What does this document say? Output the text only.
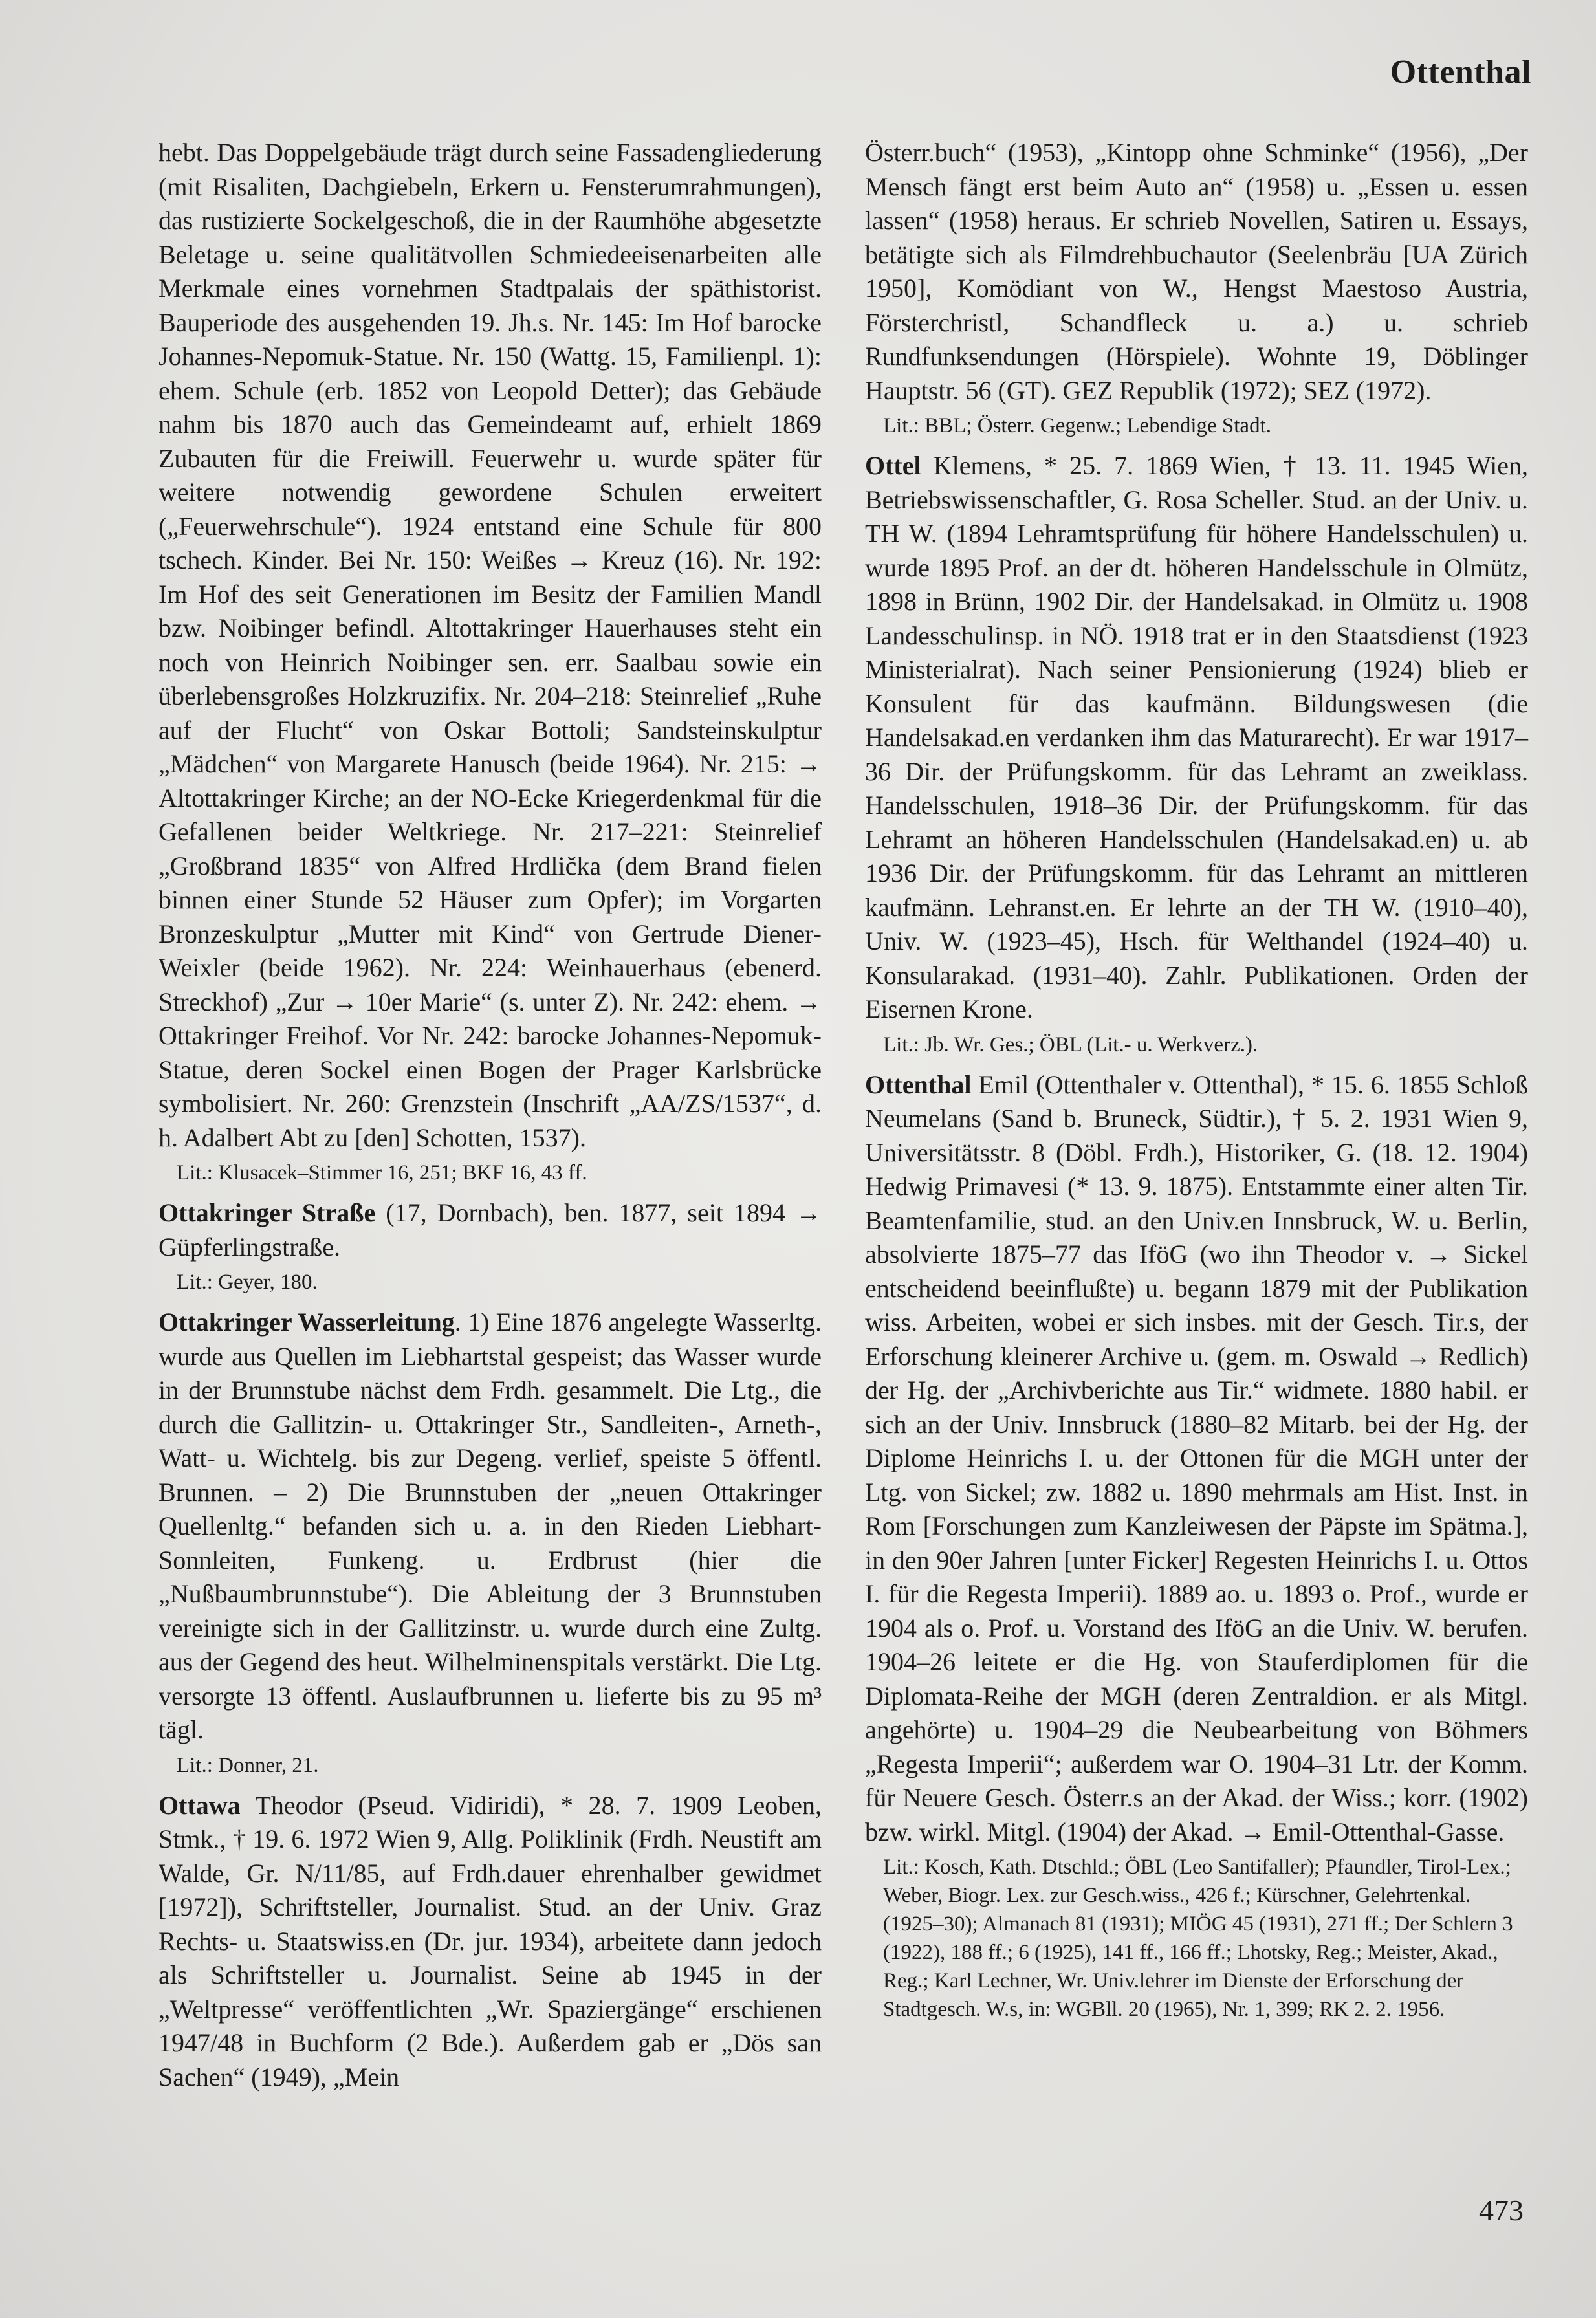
Ottenthal

hebt. Das Doppelgebäude trägt durch seine Fassadengliederung (mit Risaliten, Dachgiebeln, Erkern u. Fensterumrahmungen), das rustizierte Sockelgeschoß, die in der Raumhöhe abgesetzte Beletage u. seine qualitätvollen Schmiedeeisenarbeiten alle Merkmale eines vornehmen Stadtpalais der späthistorist. Bauperiode des ausgehenden 19. Jh.s. Nr. 145: Im Hof barocke Johannes-Nepomuk-Statue. Nr. 150 (Wattg. 15, Familienpl. 1): ehem. Schule (erb. 1852 von Leopold Detter); das Gebäude nahm bis 1870 auch das Gemeindeamt auf, erhielt 1869 Zubauten für die Freiwill. Feuerwehr u. wurde später für weitere notwendig gewordene Schulen erweitert („Feuerwehrschule“). 1924 entstand eine Schule für 800 tschech. Kinder. Bei Nr. 150: Weißes → Kreuz (16). Nr. 192: Im Hof des seit Generationen im Besitz der Familien Mandl bzw. Noibinger befindl. Altottakringer Hauerhauses steht ein noch von Heinrich Noibinger sen. err. Saalbau sowie ein überlebensgroßes Holzkruzifix. Nr. 204–218: Steinrelief „Ruhe auf der Flucht“ von Oskar Bottoli; Sandsteinskulptur „Mädchen“ von Margarete Hanusch (beide 1964). Nr. 215: → Altottakringer Kirche; an der NO-Ecke Kriegerdenkmal für die Gefallenen beider Weltkriege. Nr. 217–221: Steinrelief „Großbrand 1835“ von Alfred Hrdlička (dem Brand fielen binnen einer Stunde 52 Häuser zum Opfer); im Vorgarten Bronzeskulptur „Mutter mit Kind“ von Gertrude Diener-Weixler (beide 1962). Nr. 224: Weinhauerhaus (ebenerd. Streckhof) „Zur → 10er Marie“ (s. unter Z). Nr. 242: ehem. → Ottakringer Freihof. Vor Nr. 242: barocke Johannes-Nepomuk-Statue, deren Sockel einen Bogen der Prager Karlsbrücke symbolisiert. Nr. 260: Grenzstein (Inschrift „AA/ZS/1537“, d. h. Adalbert Abt zu [den] Schotten, 1537).

Lit.: Klusacek–Stimmer 16, 251; BKF 16, 43 ff.

Ottakringer Straße (17, Dornbach), ben. 1877, seit 1894 → Güpferlingstraße.

Lit.: Geyer, 180.

Ottakringer Wasserleitung. 1) Eine 1876 angelegte Wasserltg. wurde aus Quellen im Liebhartstal gespeist; das Wasser wurde in der Brunnstube nächst dem Frdh. gesammelt. Die Ltg., die durch die Gallitzin- u. Ottakringer Str., Sandleiten-, Arneth-, Watt- u. Wichtelg. bis zur Degeng. verlief, speiste 5 öffentl. Brunnen. – 2) Die Brunnstuben der „neuen Ottakringer Quellenltg.“ befanden sich u. a. in den Rieden Liebhart-Sonnleiten, Funkeng. u. Erdbrust (hier die „Nußbaumbrunnstube“). Die Ableitung der 3 Brunnstuben vereinigte sich in der Gallitzinstr. u. wurde durch eine Zultg. aus der Gegend des heut. Wilhelminenspitals verstärkt. Die Ltg. versorgte 13 öffentl. Auslaufbrunnen u. lieferte bis zu 95 m³ tägl.

Lit.: Donner, 21.

Ottawa Theodor (Pseud. Vidiridi), * 28. 7. 1909 Leoben, Stmk., † 19. 6. 1972 Wien 9, Allg. Poliklinik (Frdh. Neustift am Walde, Gr. N/11/85, auf Frdh.dauer ehrenhalber gewidmet [1972]), Schriftsteller, Journalist. Stud. an der Univ. Graz Rechts- u. Staatswiss.en (Dr. jur. 1934), arbeitete dann jedoch als Schriftsteller u. Journalist. Seine ab 1945 in der „Weltpresse“ veröffentlichten „Wr. Spaziergänge“ erschienen 1947/48 in Buchform (2 Bde.). Außerdem gab er „Dös san Sachen“ (1949), „Mein

Österr.buch“ (1953), „Kintopp ohne Schminke“ (1956), „Der Mensch fängt erst beim Auto an“ (1958) u. „Essen u. essen lassen“ (1958) heraus. Er schrieb Novellen, Satiren u. Essays, betätigte sich als Filmdrehbuchautor (Seelenbräu [UA Zürich 1950], Komödiant von W., Hengst Maestoso Austria, Försterchristl, Schandfleck u. a.) u. schrieb Rundfunksendungen (Hörspiele). Wohnte 19, Döblinger Hauptstr. 56 (GT). GEZ Republik (1972); SEZ (1972).

Lit.: BBL; Österr. Gegenw.; Lebendige Stadt.

Ottel Klemens, * 25. 7. 1869 Wien, † 13. 11. 1945 Wien, Betriebswissenschaftler, G. Rosa Scheller. Stud. an der Univ. u. TH W. (1894 Lehramtsprüfung für höhere Handelsschulen) u. wurde 1895 Prof. an der dt. höheren Handelsschule in Olmütz, 1898 in Brünn, 1902 Dir. der Handelsakad. in Olmütz u. 1908 Landesschulinsp. in NÖ. 1918 trat er in den Staatsdienst (1923 Ministerialrat). Nach seiner Pensionierung (1924) blieb er Konsulent für das kaufmänn. Bildungswesen (die Handelsakad.en verdanken ihm das Maturarecht). Er war 1917–36 Dir. der Prüfungskomm. für das Lehramt an zweiklass. Handelsschulen, 1918–36 Dir. der Prüfungskomm. für das Lehramt an höheren Handelsschulen (Handelsakad.en) u. ab 1936 Dir. der Prüfungskomm. für das Lehramt an mittleren kaufmänn. Lehranst.en. Er lehrte an der TH W. (1910–40), Univ. W. (1923–45), Hsch. für Welthandel (1924–40) u. Konsularakad. (1931–40). Zahlr. Publikationen. Orden der Eisernen Krone.

Lit.: Jb. Wr. Ges.; ÖBL (Lit.- u. Werkverz.).

Ottenthal Emil (Ottenthaler v. Ottenthal), * 15. 6. 1855 Schloß Neumelans (Sand b. Bruneck, Südtir.), † 5. 2. 1931 Wien 9, Universitätsstr. 8 (Döbl. Frdh.), Historiker, G. (18. 12. 1904) Hedwig Primavesi (* 13. 9. 1875). Entstammte einer alten Tir. Beamtenfamilie, stud. an den Univ.en Innsbruck, W. u. Berlin, absolvierte 1875–77 das IföG (wo ihn Theodor v. → Sickel entscheidend beeinflußte) u. begann 1879 mit der Publikation wiss. Arbeiten, wobei er sich insbes. mit der Gesch. Tir.s, der Erforschung kleinerer Archive u. (gem. m. Oswald → Redlich) der Hg. der „Archivberichte aus Tir.“ widmete. 1880 habil. er sich an der Univ. Innsbruck (1880–82 Mitarb. bei der Hg. der Diplome Heinrichs I. u. der Ottonen für die MGH unter der Ltg. von Sickel; zw. 1882 u. 1890 mehrmals am Hist. Inst. in Rom [Forschungen zum Kanzleiwesen der Päpste im Spätma.], in den 90er Jahren [unter Ficker] Regesten Heinrichs I. u. Ottos I. für die Regesta Imperii). 1889 ao. u. 1893 o. Prof., wurde er 1904 als o. Prof. u. Vorstand des IföG an die Univ. W. berufen. 1904–26 leitete er die Hg. von Stauferdiplomen für die Diplomata-Reihe der MGH (deren Zentraldion. er als Mitgl. angehörte) u. 1904–29 die Neubearbeitung von Böhmers „Regesta Imperii“; außerdem war O. 1904–31 Ltr. der Komm. für Neuere Gesch. Österr.s an der Akad. der Wiss.; korr. (1902) bzw. wirkl. Mitgl. (1904) der Akad. → Emil-Ottenthal-Gasse.

Lit.: Kosch, Kath. Dtschld.; ÖBL (Leo Santifaller); Pfaundler, Tirol-Lex.; Weber, Biogr. Lex. zur Gesch.wiss., 426 f.; Kürschner, Gelehrtenkal. (1925–30); Almanach 81 (1931); MIÖG 45 (1931), 271 ff.; Der Schlern 3 (1922), 188 ff.; 6 (1925), 141 ff., 166 ff.; Lhotsky, Reg.; Meister, Akad., Reg.; Karl Lechner, Wr. Univ.lehrer im Dienste der Erforschung der Stadtgesch. W.s, in: WGBll. 20 (1965), Nr. 1, 399; RK 2. 2. 1956.

473
